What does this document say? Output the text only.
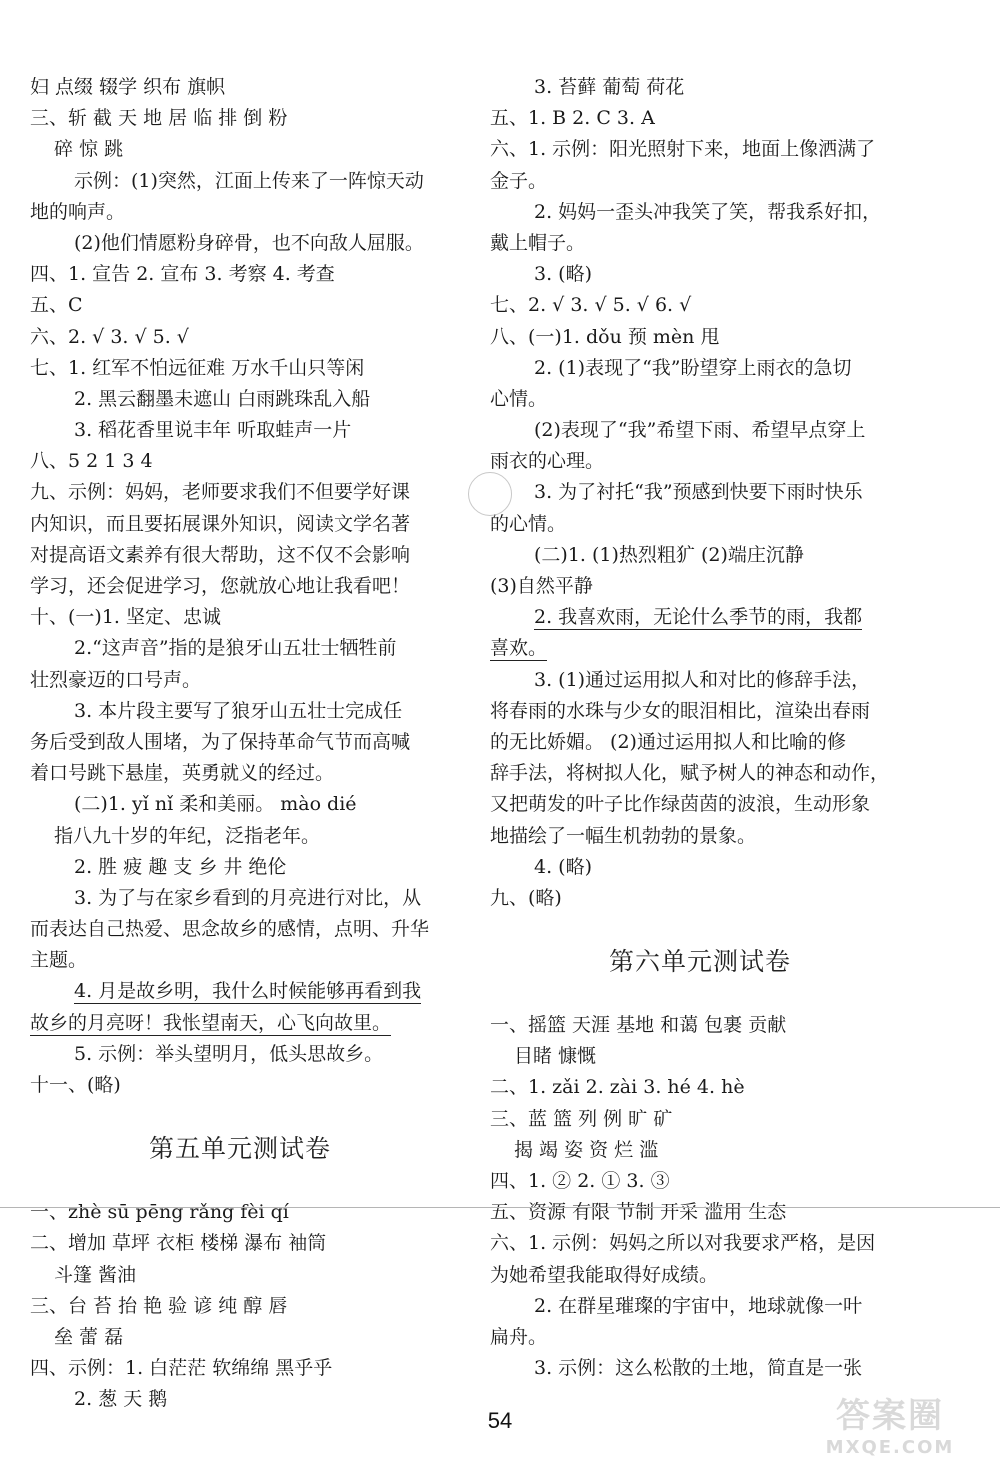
妇 点缀 辍学 织布 旗帜
三、斩 截 天 地 居 临 排 倒 粉
碎 惊 跳
示例：(1)突然，江面上传来了一阵惊天动
地的响声。
(2)他们情愿粉身碎骨，也不向敌人屈服。
四、1. 宣告 2. 宣布 3. 考察 4. 考查
五、C
六、2. √ 3. √ 5. √
七、1. 红军不怕远征难 万水千山只等闲
2. 黑云翻墨未遮山 白雨跳珠乱入船
3. 稻花香里说丰年 听取蛙声一片
八、5 2 1 3 4
九、示例：妈妈，老师要求我们不但要学好课
内知识，而且要拓展课外知识，阅读文学名著
对提高语文素养有很大帮助，这不仅不会影响
学习，还会促进学习，您就放心地让我看吧！
十、(一)1. 坚定、忠诚
2.“这声音”指的是狼牙山五壮士牺牲前
壮烈豪迈的口号声。
3. 本片段主要写了狼牙山五壮士完成任
务后受到敌人围堵，为了保持革命气节而高喊
着口号跳下悬崖，英勇就义的经过。
(二)1. yǐ nǐ 柔和美丽。 mào dié
指八九十岁的年纪，泛指老年。
2. 胜 疲 趣 支 乡 井 绝伦
3. 为了与在家乡看到的月亮进行对比，从
而表达自己热爱、思念故乡的感情，点明、升华
主题。
4. 月是故乡明，我什么时候能够再看到我
故乡的月亮呀！我怅望南天，心飞向故里。
5. 示例：举头望明月，低头思故乡。
十一、(略)
第五单元测试卷
一、zhè sū pēng rǎng fèi qí
二、增加 草坪 衣柜 楼梯 瀑布 袖筒
斗篷 酱油
三、台 苔 抬 艳 验 谚 纯 醇 唇
垒 蕾 磊
四、示例：1. 白茫茫 软绵绵 黑乎乎
2. 葱 天 鹅
3. 苔藓 葡萄 荷花
五、1. B 2. C 3. A
六、1. 示例：阳光照射下来，地面上像洒满了
金子。
2. 妈妈一歪头冲我笑了笑，帮我系好扣，
戴上帽子。
3. (略)
七、2. √ 3. √ 5. √ 6. √
八、(一)1. dǒu 预 mèn 甩
2. (1)表现了“我”盼望穿上雨衣的急切
心情。
(2)表现了“我”希望下雨、希望早点穿上
雨衣的心理。
3. 为了衬托“我”预感到快要下雨时快乐
的心情。
(二)1. (1)热烈粗犷 (2)端庄沉静
(3)自然平静
2. 我喜欢雨，无论什么季节的雨，我都
喜欢。
3. (1)通过运用拟人和对比的修辞手法，
将春雨的水珠与少女的眼泪相比，渲染出春雨
的无比娇媚。 (2)通过运用拟人和比喻的修
辞手法，将树拟人化，赋予树人的神态和动作，
又把萌发的叶子比作绿茵茵的波浪，生动形象
地描绘了一幅生机勃勃的景象。
4. (略)
九、(略)
第六单元测试卷
一、摇篮 天涯 基地 和蔼 包裹 贡献
目睹 慷慨
二、1. zǎi 2. zài 3. hé 4. hè
三、蓝 篮 列 例 旷 矿
揭 竭 姿 资 烂 滥
四、1. ② 2. ① 3. ③
五、资源 有限 节制 开采 滥用 生态
六、1. 示例：妈妈之所以对我要求严格，是因
为她希望我能取得好成绩。
2. 在群星璀璨的宇宙中，地球就像一叶
扁舟。
3. 示例：这么松散的土地，简直是一张
54	答案圈
MXQE.COM
